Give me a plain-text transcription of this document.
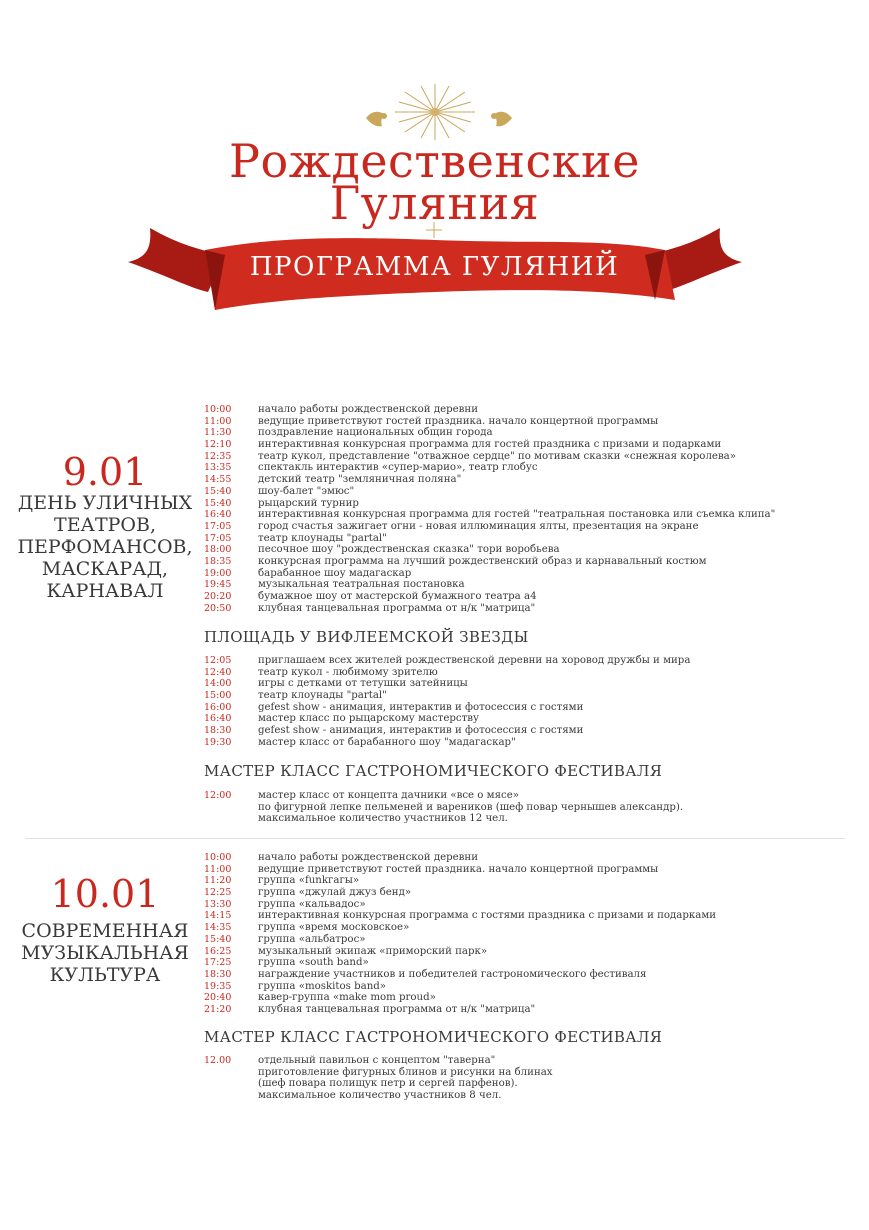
Рождественские
Гуляния
ПРОГРАММА ГУЛЯНИЙ
9.01
ДЕНЬ УЛИЧНЫХ
ТЕАТРОВ,
ПЕРФОМАНСОВ,
МАСКАРАД,
КАРНАВАЛ
10:00	начало работы рождественской деревни
11:00	ведущие приветствуют гостей праздника. начало концертной программы
11:30	поздравление национальных общин города
12:10	интерактивная конкурсная программа для гостей праздника с призами и подарками
12:35	театр кукол, представление "отважное сердце" по мотивам сказки «снежная королева»
13:35	спектакль интерактив «супер-марио», театр глобус
14:55	детский театр "земляничная поляна"
15:40	шоу-балет "эмюс"
15:40	рыцарский турнир
16:40	интерактивная конкурсная программа для гостей "театральная постановка или съемка клипа"
17:05	город счастья зажигает огни - новая иллюминация ялты, презентация на экране
17:05	театр клоунады "partal"
18:00	песочное шоу "рождественская сказка" тори воробьева
18:35	конкурсная программа на лучший рождественский образ и карнавальный костюм
19:00	барабанное шоу мадагаскар
19:45	музыкальная театральная постановка
20:20	бумажное шоу от мастерской бумажного театра а4
20:50	клубная танцевальная программа от н/к "матрица"
ПЛОЩАДЬ У ВИФЛЕЕМСКОЙ ЗВЕЗДЫ
12:05	приглашаем всех жителей рождественской деревни на хоровод дружбы и мира
12:40	театр кукол - любимому зрителю
14:00	игры с детками от тетушки затейницы
15:00	театр клоунады "partal"
16:00	gefest show - анимация, интерактив и фотосессия с гостями
16:40	мастер класс по рыцарскому мастерству
18:30	gefest show - анимация, интерактив и фотосессия с гостями
19:30	мастер класс от барабанного шоу "мадагаскар"
МАСТЕР КЛАСС ГАСТРОНОМИЧЕСКОГО ФЕСТИВАЛЯ
12:00	мастер класс от концепта дачники «все о мясе»
по фигурной лепке пельменей и вареников (шеф повар чернышев александр).
максимальное количество участников 12 чел.
10.01
СОВРЕМЕННАЯ
МУЗЫКАЛЬНАЯ
КУЛЬТУРА
10:00	начало работы рождественской деревни
11:00	ведущие приветствуют гостей праздника. начало концертной программы
11:20	группа «funkгагы»
12:25	группа «джулай джуз бенд»
13:30	группа «кальвадос»
14:15	интерактивная конкурсная программа с гостями праздника с призами и подарками
14:35	группа «время московское»
15:40	группа «альбатрос»
16:25	музыкальный экипаж «приморский парк»
17:25	группа «south band»
18:30	награждение участников и победителей гастрономического фестиваля
19:35	группа «moskitos band»
20:40	кавер-группа «make mom proud»
21:20	клубная танцевальная программа от н/к "матрица"
МАСТЕР КЛАСС ГАСТРОНОМИЧЕСКОГО ФЕСТИВАЛЯ
12.00	отдельный павильон с концептом "таверна"
приготовление фигурных блинов и рисунки на блинах
(шеф повара полищук петр и сергей парфенов).
максимальное количество участников 8 чел.
